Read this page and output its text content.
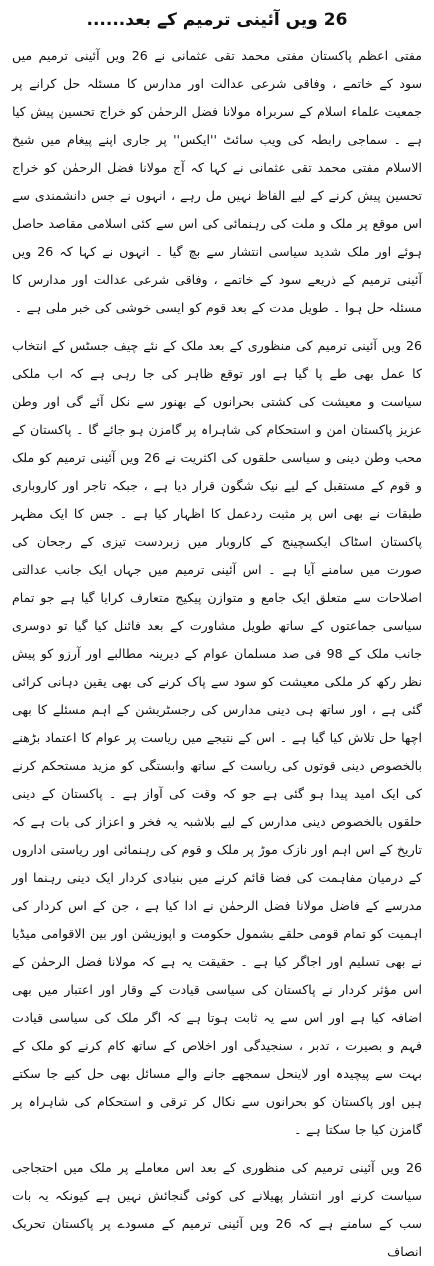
26 ویں آئینی ترمیم کے بعد......

مفتی اعظم پاکستان مفتی محمد تقی عثمانی نے 26 ویں آئینی ترمیم میں سود کے خاتمے ، وفاقی شرعی عدالت اور مدارس کا مسئلہ حل کرانے پر جمعیت علماء اسلام کے سربراہ مولانا فضل الرحمٰن کو خراج تحسین پیش کیا ہے ۔ سماجی رابطہ کی ویب سائٹ ''ایکس'' پر جاری اپنے پیغام میں شیخ الاسلام مفتی محمد تقی عثمانی نے کہا کہ آج مولانا فضل الرحمٰن کو خراج تحسین پیش کرنے کے لیے الفاظ نہیں مل رہے ، انہوں نے جس دانشمندی سے اس موقع پر ملک و ملت کی رہنمائی کی اس سے کئی اسلامی مقاصد حاصل ہوئے اور ملک شدید سیاسی انتشار سے بچ گیا ۔ انہوں نے کہا کہ 26 ویں آئینی ترمیم کے ذریعے سود کے خاتمے ، وفاقی شرعی عدالت اور مدارس کا مسئلہ حل ہوا ۔ طویل مدت کے بعد قوم کو ایسی خوشی کی خبر ملی ہے ۔

26 ویں آئینی ترمیم کی منظوری کے بعد ملک کے نئے چیف جسٹس کے انتخاب کا عمل بھی طے پا گیا ہے اور توقع ظاہر کی جا رہی ہے کہ اب ملکی سیاست و معیشت کی کشتی بحرانوں کے بھنور سے نکل آئے گی اور وطن عزیز پاکستان امن و استحکام کی شاہراہ پر گامزن ہو جائے گا ۔ پاکستان کے محب وطن دینی و سیاسی حلقوں کی اکثریت نے 26 ویں آئینی ترمیم کو ملک و قوم کے مستقبل کے لیے نیک شگون قرار دیا ہے ، جبکہ تاجر اور کاروباری طبقات نے بھی اس پر مثبت ردعمل کا اظہار کیا ہے ۔ جس کا ایک مظہر پاکستان اسٹاک ایکسچینج کے کاروبار میں زبردست تیزی کے رجحان کی صورت میں سامنے آیا ہے ۔ اس آئینی ترمیم میں جہاں ایک جانب عدالتی اصلاحات سے متعلق ایک جامع و متوازن پیکیج متعارف کرایا گیا ہے جو تمام سیاسی جماعتوں کے ساتھ طویل مشاورت کے بعد فائنل کیا گیا تو دوسری جانب ملک کے 98 فی صد مسلمان عوام کے دیرینہ مطالبے اور آرزو کو پیش نظر رکھ کر ملکی معیشت کو سود سے پاک کرنے کی بھی یقین دہانی کرائی گئی ہے ، اور ساتھ ہی دینی مدارس کی رجسٹریشن کے اہم مسئلے کا بھی اچھا حل تلاش کیا گیا ہے ۔ اس کے نتیجے میں ریاست پر عوام کا اعتماد بڑھنے بالخصوص دینی قوتوں کی ریاست کے ساتھ وابستگی کو مزید مستحکم کرنے کی ایک امید پیدا ہو گئی ہے جو کہ وقت کی آواز ہے ۔ پاکستان کے دینی حلقوں بالخصوص دینی مدارس کے لیے بلاشبہ یہ فخر و اعزاز کی بات ہے کہ تاریخ کے اس اہم اور نازک موڑ پر ملک و قوم کی رہنمائی اور ریاستی اداروں کے درمیان مفاہمت کی فضا قائم کرنے میں بنیادی کردار ایک دینی رہنما اور مدرسے کے فاضل مولانا فضل الرحمٰن نے ادا کیا ہے ، جن کے اس کردار کی اہمیت کو تمام قومی حلقے بشمول حکومت و اپوزیشن اور بین الاقوامی میڈیا نے بھی تسلیم اور اجاگر کیا ہے ۔ حقیقت یہ ہے کہ مولانا فضل الرحمٰن کے اس مؤثر کردار نے پاکستان کی سیاسی قیادت کے وقار اور اعتبار میں بھی اضافہ کیا ہے اور اس سے یہ ثابت ہوتا ہے کہ اگر ملک کی سیاسی قیادت فہم و بصیرت ، تدبر ، سنجیدگی اور اخلاص کے ساتھ کام کرنے کو ملک کے بہت سے پیچیدہ اور لاینحل سمجھے جانے والے مسائل بھی حل کیے جا سکتے ہیں اور پاکستان کو بحرانوں سے نکال کر ترقی و استحکام کی شاہراہ پر گامزن کیا جا سکتا ہے ۔

26 ویں آئینی ترمیم کی منظوری کے بعد اس معاملے پر ملک میں احتجاجی سیاست کرنے اور انتشار پھیلانے کی کوئی گنجائش نہیں ہے کیونکہ یہ بات سب کے سامنے ہے کہ 26 ویں آئینی ترمیم کے مسودے پر پاکستان تحریک انصاف
